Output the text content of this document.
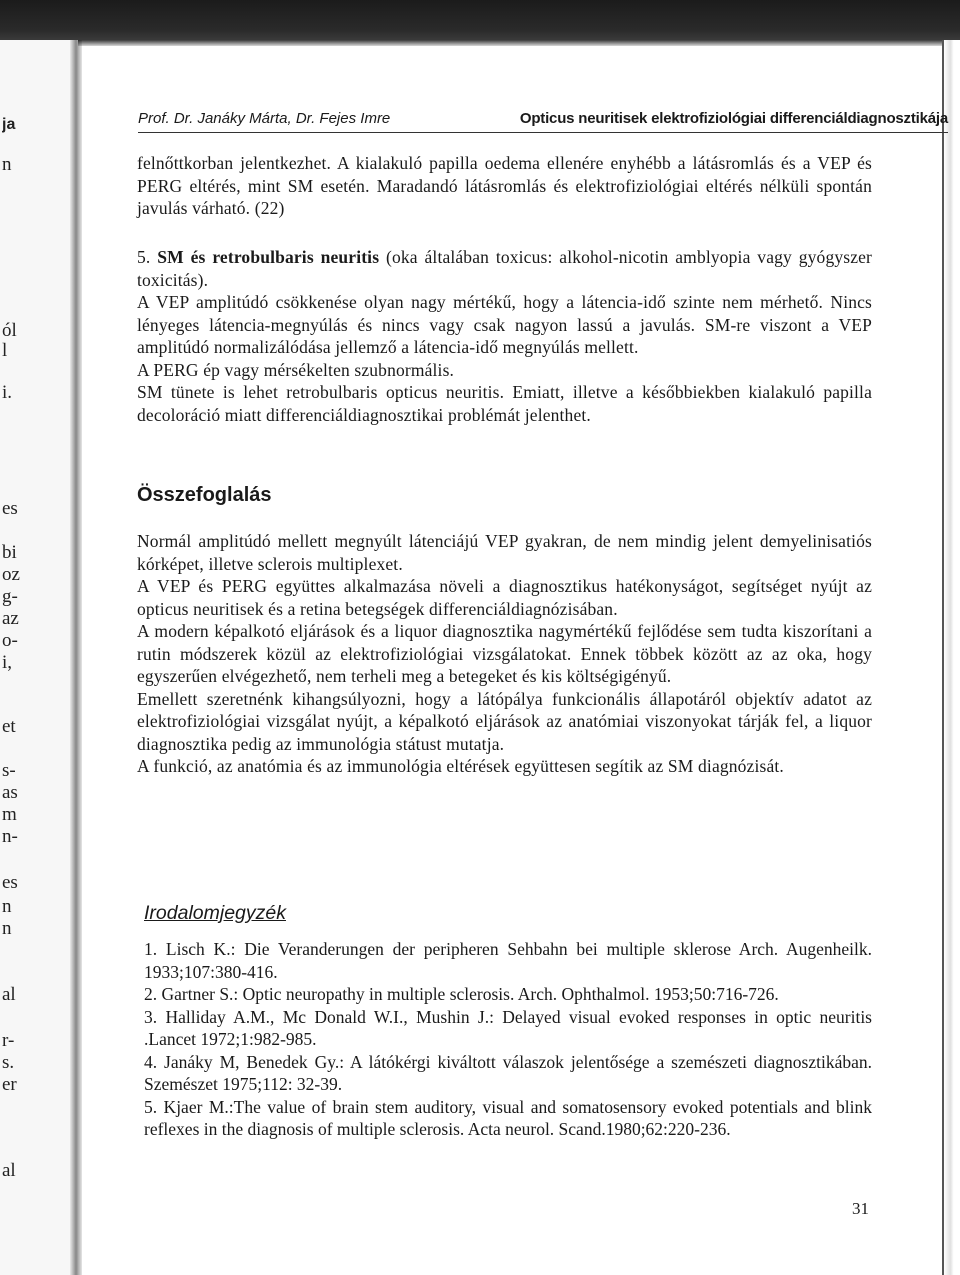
ja
n
ól
l
i.
es
bi
oz
g-
az
o-
i,
et
s-
as
m
n-
es
n
n
al
r-
s.
er
al
Prof. Dr. Janáky Márta, Dr. Fejes Imre	Opticus neuritisek elektrofiziológiai differenciáldiagnosztikája

felnőttkorban jelentkezhet. A kialakuló papilla oedema ellenére enyhébb a látásromlás és a VEP és PERG eltérés, mint SM esetén. Maradandó látásromlás és elektrofiziológiai eltérés nélküli spontán javulás várható. (22)

5. SM és retrobulbaris neuritis (oka általában toxicus: alkohol-nicotin amblyopia vagy gyógyszer toxicitás).

A VEP amplitúdó csökkenése olyan nagy mértékű, hogy a látencia-idő szinte nem mérhető. Nincs lényeges látencia-megnyúlás és nincs vagy csak nagyon lassú a javulás. SM-re viszont a VEP amplitúdó normalizálódása jellemző a látencia-idő megnyúlás mellett.

A PERG ép vagy mérsékelten szubnormális.

SM tünete is lehet retrobulbaris opticus neuritis. Emiatt, illetve a későbbiekben kialakuló papilla decoloráció miatt differenciáldiagnosztikai problémát jelenthet.

Összefoglalás

Normál amplitúdó mellett megnyúlt látenciájú VEP gyakran, de nem mindig jelent demyelinisatiós kórképet, illetve sclerois multiplexet.

A VEP és PERG együttes alkalmazása növeli a diagnosztikus hatékonyságot, segítséget nyújt az opticus neuritisek és a retina betegségek differenciáldiagnózisában.

A modern képalkotó eljárások és a liquor diagnosztika nagymértékű fejlődése sem tudta kiszorítani a rutin módszerek közül az elektrofiziológiai vizsgálatokat. Ennek többek között az az oka, hogy egyszerűen elvégezhető, nem terheli meg a betegeket és kis költségigényű.

Emellett szeretnénk kihangsúlyozni, hogy a látópálya funkcionális állapotáról objektív adatot az elektrofiziológiai vizsgálat nyújt, a képalkotó eljárások az anatómiai viszonyokat tárják fel, a liquor diagnosztika pedig az immunológia státust mutatja.

A funkció, az anatómia és az immunológia eltérések együttesen segítik az SM diagnózisát.

Irodalomjegyzék

1. Lisch K.: Die Veranderungen der peripheren Sehbahn bei multiple sklerose Arch. Augenheilk. 1933;107:380-416.

2. Gartner S.: Optic neuropathy in multiple sclerosis. Arch. Ophthalmol. 1953;50:716-726.

3. Halliday A.M., Mc Donald W.I., Mushin J.: Delayed visual evoked responses in optic neuritis .Lancet 1972;1:982-985.

4. Janáky M, Benedek Gy.: A látókérgi kiváltott válaszok jelentősége a szemészeti diagnosztikában. Szemészet 1975;112: 32-39.

5. Kjaer M.:The value of brain stem auditory, visual and somatosensory evoked potentials and blink reflexes in the diagnosis of multiple sclerosis. Acta neurol. Scand.1980;62:220-236.

31
